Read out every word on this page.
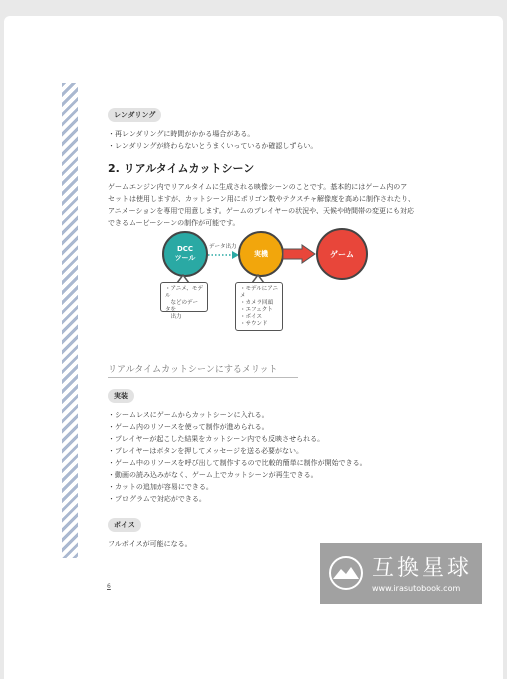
レンダリング

・再レンダリングに時間がかかる場合がある。

・レンダリングが終わらないとうまくいっているか確認しずらい。

2. リアルタイムカットシーン
ゲームエンジン内でリアルタイムに生成される映像シーンのことです。基本的にはゲーム内のア
セットは使用しますが、カットシーン用にポリゴン数やテクスチャ解像度を高めに制作されたり、
アニメーションを専用で用意します。ゲームのプレイヤーの状況や、天候や時間帯の変更にも対応
できるムービーシーンの制作が可能です。
DCC
ツール
データ出力
実機	ゲーム
・アニメ、モデル
　などのデータを
　出力
・モデルにアニメ
・カメラ回頭
・エフェクト
・ボイス
・サウンド
リアルタイムカットシーンにするメリット
実装

・シームレスにゲームからカットシーンに入れる。

・ゲーム内のリソースを使って制作が進められる。

・プレイヤーが起こした結果をカットシーン内でも反映させられる。

・プレイヤーはボタンを押してメッセージを送る必要がない。

・ゲーム中のリソースを呼び出して制作するので比較的簡単に制作が開始できる。

・動画の読み込みがなく、ゲーム上でカットシーンが再生できる。

・カットの追加が容易にできる。

・プログラムで対応ができる。

ボイス

フルボイスが可能になる。

6
互換星球
www.irasutobook.com
